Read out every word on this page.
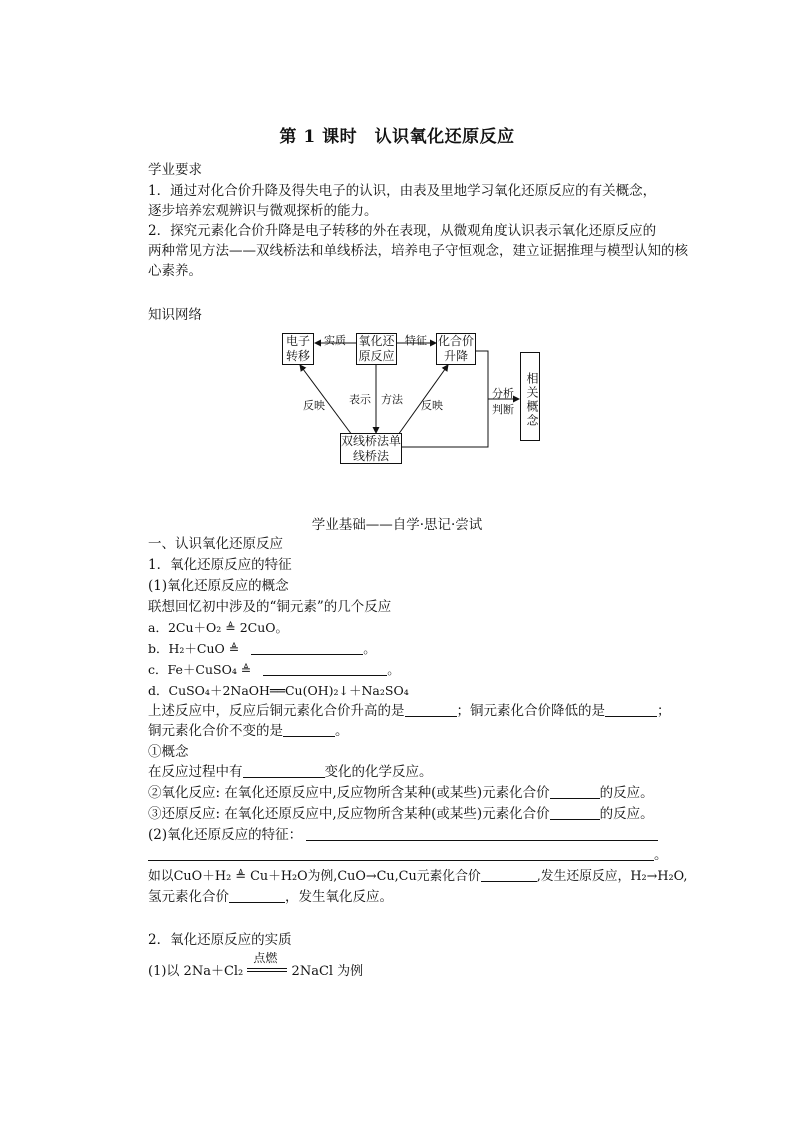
第 1 课时　认识氧化还原反应
学业要求
1．通过对化合价升降及得失电子的认识，由表及里地学习氧化还原反应的有关概念，
逐步培养宏观辨识与微观探析的能力。
2．探究元素化合价升降是电子转移的外在表现，从微观角度认识表示氧化还原反应的
两种常见方法——双线桥法和单线桥法，培养电子守恒观念，建立证据推理与模型认知的核
心素养。
知识网络
电子转移
氧化还原反应
化合价升降
双线桥法单线桥法
相关概念
实质	特征
表示 方法
反映	反映
分析
判断
学业基础——自学·思记·尝试
一、认识氧化还原反应
1．氧化还原反应的特征
(1)氧化还原反应的概念
联想回忆初中涉及的“铜元素”的几个反应
a．2Cu＋O₂ ≜ 2CuO。
b．H₂＋CuO ≜	。
c．Fe＋CuSO₄ ≜	。
d．CuSO₄＋2NaOH══Cu(OH)₂↓＋Na₂SO₄
上述反应中，反应后铜元素化合价升高的是	；铜元素化合价降低的是	；
铜元素化合价不变的是	。
①概念
在反应过程中有	变化的化学反应。
②氧化反应: 在氧化还原反应中,反应物所含某种(或某些)元素化合价	的反应。
③还原反应: 在氧化还原反应中,反应物所含某种(或某些)元素化合价	的反应。
(2)氧化还原反应的特征：
。
如以CuO＋H₂ ≜ Cu＋H₂O为例,CuO→Cu,Cu元素化合价	,发生还原反应，H₂→H₂O,
氢元素化合价	，发生氧化反应。
2．氧化还原反应的实质
(1)以 2Na＋Cl₂
点燃
2NaCl 为例
